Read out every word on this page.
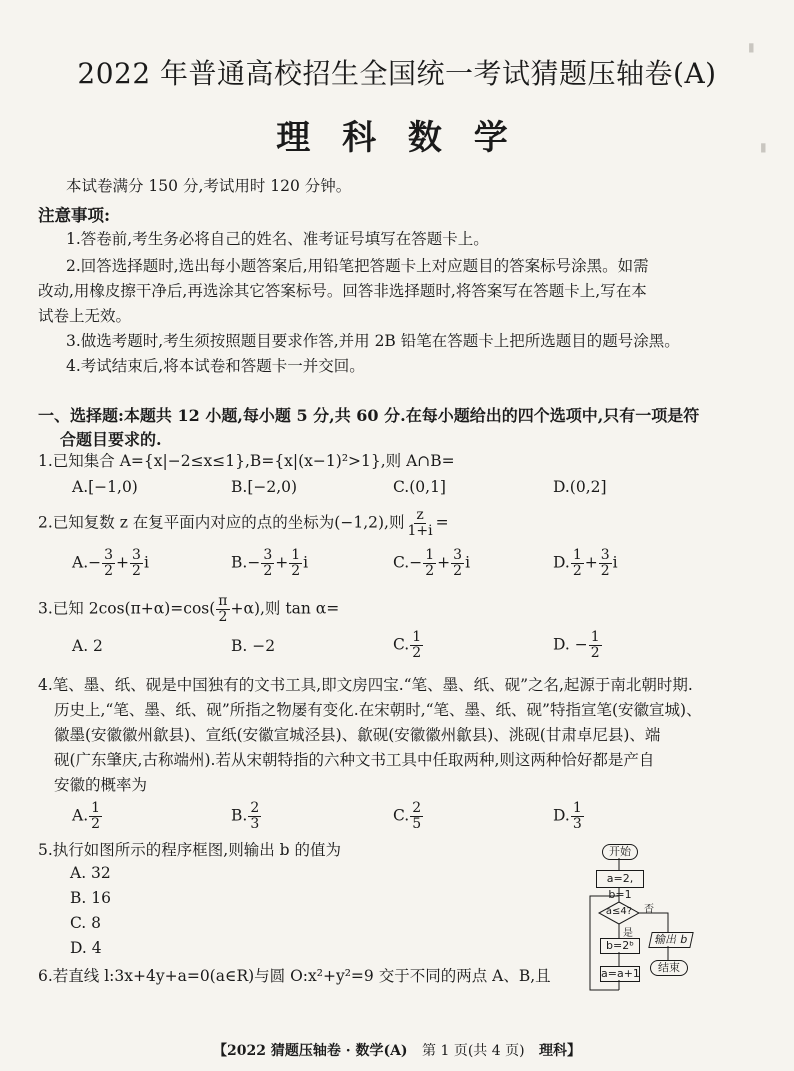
▮
▮
2022 年普通高校招生全国统一考试猜题压轴卷(A)
理 科 数 学
本试卷满分 150 分,考试用时 120 分钟。
注意事项:
1.答卷前,考生务必将自己的姓名、准考证号填写在答题卡上。
2.回答选择题时,选出每小题答案后,用铅笔把答题卡上对应题目的答案标号涂黑。如需
改动,用橡皮擦干净后,再选涂其它答案标号。回答非选择题时,将答案写在答题卡上,写在本
试卷上无效。
3.做选考题时,考生须按照题目要求作答,并用 2B 铅笔在答题卡上把所选题目的题号涂黑。
4.考试结束后,将本试卷和答题卡一并交回。
一、选择题:本题共 12 小题,每小题 5 分,共 60 分.在每小题给出的四个选项中,只有一项是符
合题目要求的.
1.已知集合 A={x|−2≤x≤1},B={x|(x−1)²>1},则 A∩B=
A.[−1,0)	B.[−2,0)	C.(0,1]	D.(0,2]
2.已知复数 z 在复平面内对应的点的坐标为(−1,2),则 $\frac{z}{1+i}$ =
$A.- \frac{3}{2} + \frac{3}{2}$ i	$B.- \frac{3}{2} + \frac{1}{2}$ i	$C.- \frac{1}{2} + \frac{3}{2}$ i	D. $\frac{1}{2} + \frac{3}{2}$ i
3.已知 $2\cos(\pi+\alpha)=\cos( \frac{\pi}{2} +\alpha)$,则 tan α=
A. 2	B. −2	C. $\frac{1}{2}$	D. − $\frac{1}{2}$
4.笔、墨、纸、砚是中国独有的文书工具,即文房四宝.“笔、墨、纸、砚”之名,起源于南北朝时期.
历史上,“笔、墨、纸、砚”所指之物屡有变化.在宋朝时,“笔、墨、纸、砚”特指宣笔(安徽宣城)、
徽墨(安徽徽州歙县)、宣纸(安徽宣城泾县)、歙砚(安徽徽州歙县)、洮砚(甘肃卓尼县)、端
砚(广东肇庆,古称端州).若从宋朝特指的六种文书工具中任取两种,则这两种恰好都是产自
安徽的概率为
A. $\frac{1}{2}$	B. $\frac{2}{3}$	C. $\frac{2}{5}$	D. $\frac{1}{3}$
5.执行如图所示的程序框图,则输出 b 的值为
A. 32
B. 16
C. 8
D. 4
开始
a=2, b=1
a≤4?	否
是
b=2ᵇ
a=a+1
输出 b
结束
6.若直线 l:3x+4y+a=0(a∈R)与圆 O:x²+y²=9 交于不同的两点 A、B,且
【2022 猜题压轴卷 · 数学(A) 第 1 页(共 4 页) 理科】
